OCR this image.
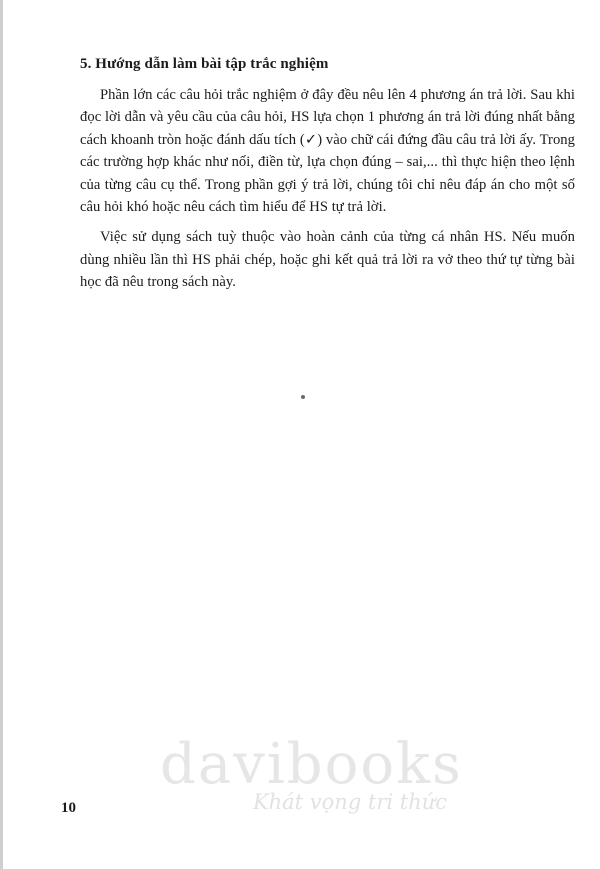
5. Hướng dẫn làm bài tập trắc nghiệm

Phần lớn các câu hỏi trắc nghiệm ở đây đều nêu lên 4 phương án trả lời. Sau khi đọc lời dẫn và yêu cầu của câu hỏi, HS lựa chọn 1 phương án trả lời đúng nhất bằng cách khoanh tròn hoặc đánh dấu tích (✓) vào chữ cái đứng đầu câu trả lời ấy. Trong các trường hợp khác như nối, điền từ, lựa chọn đúng – sai,... thì thực hiện theo lệnh của từng câu cụ thể. Trong phần gợi ý trả lời, chúng tôi chỉ nêu đáp án cho một số câu hỏi khó hoặc nêu cách tìm hiểu để HS tự trả lời.

Việc sử dụng sách tuỳ thuộc vào hoàn cảnh của từng cá nhân HS. Nếu muốn dùng nhiều lần thì HS phải chép, hoặc ghi kết quả trả lời ra vở theo thứ tự từng bài học đã nêu trong sách này.

davibooks
Khát vọng tri thức
10
